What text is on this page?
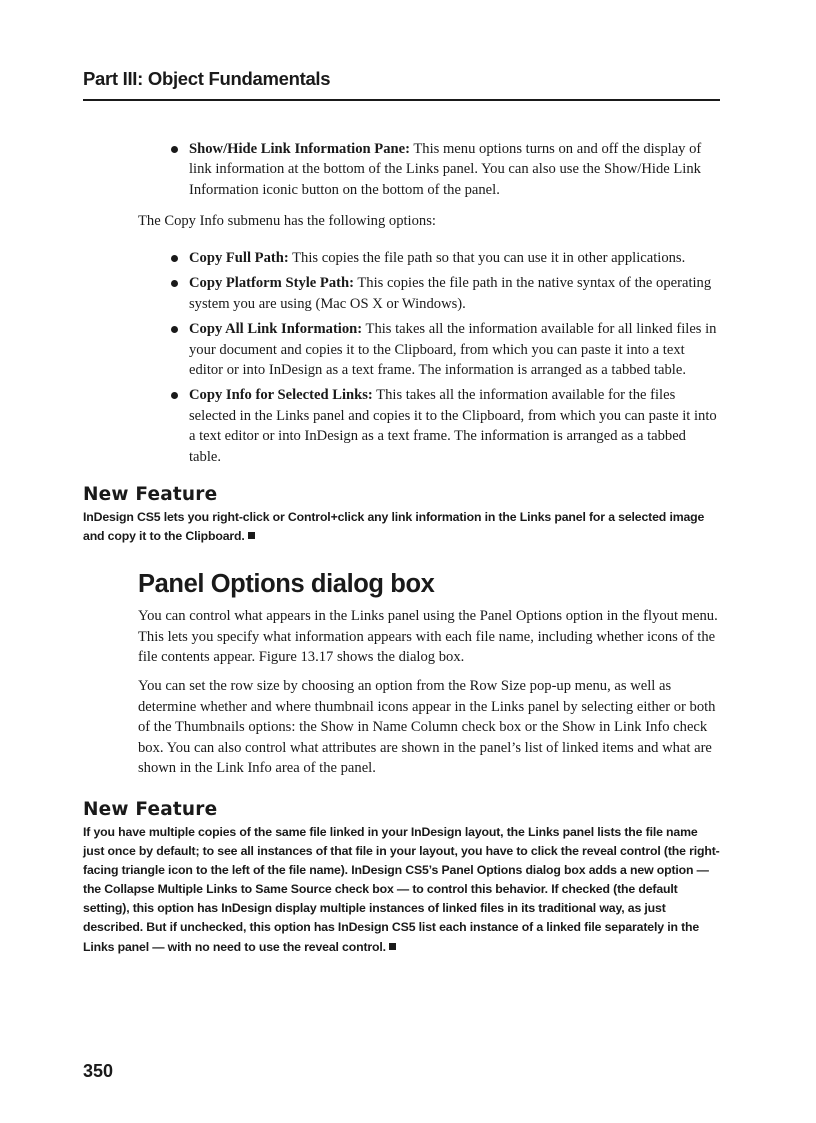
Part III: Object Fundamentals
Show/Hide Link Information Pane: This menu options turns on and off the display of link information at the bottom of the Links panel. You can also use the Show/Hide Link Information iconic button on the bottom of the panel.

The Copy Info submenu has the following options:

Copy Full Path: This copies the file path so that you can use it in other applications.
Copy Platform Style Path: This copies the file path in the native syntax of the operating system you are using (Mac OS X or Windows).
Copy All Link Information: This takes all the information available for all linked files in your document and copies it to the Clipboard, from which you can paste it into a text editor or into InDesign as a text frame. The information is arranged as a tabbed table.
Copy Info for Selected Links: This takes all the information available for the files selected in the Links panel and copies it to the Clipboard, from which you can paste it into a text editor or into InDesign as a text frame. The information is arranged as a tabbed table.
New Feature

InDesign CS5 lets you right-click or Control+click any link information in the Links panel for a selected image and copy it to the Clipboard.

Panel Options dialog box

You can control what appears in the Links panel using the Panel Options option in the flyout menu. This lets you specify what information appears with each file name, including whether icons of the file contents appear. Figure 13.17 shows the dialog box.

You can set the row size by choosing an option from the Row Size pop-up menu, as well as determine whether and where thumbnail icons appear in the Links panel by selecting either or both of the Thumbnails options: the Show in Name Column check box or the Show in Link Info check box. You can also control what attributes are shown in the panel’s list of linked items and what are shown in the Link Info area of the panel.

New Feature

If you have multiple copies of the same file linked in your InDesign layout, the Links panel lists the file name just once by default; to see all instances of that file in your layout, you have to click the reveal control (the right-facing triangle icon to the left of the file name). InDesign CS5’s Panel Options dialog box adds a new option — the Collapse Multiple Links to Same Source check box — to control this behavior. If checked (the default setting), this option has InDesign display multiple instances of linked files in its traditional way, as just described. But if unchecked, this option has InDesign CS5 list each instance of a linked file separately in the Links panel — with no need to use the reveal control.

350
